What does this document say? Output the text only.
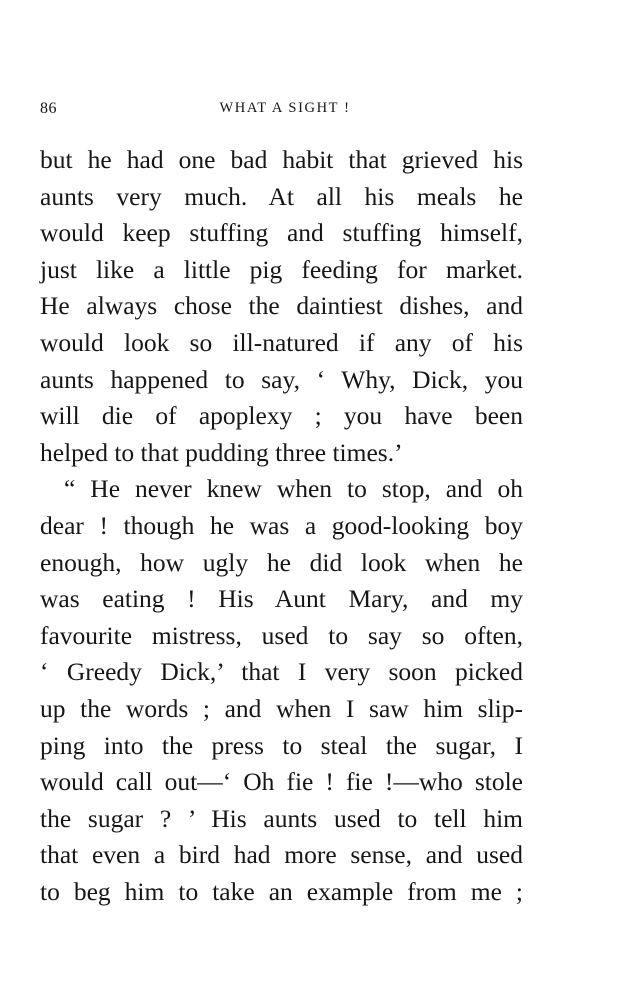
86	WHAT A SIGHT !
but he had one bad habit that grieved his
aunts very much. At all his meals he
would keep stuffing and stuffing himself,
just like a little pig feeding for market.
He always chose the daintiest dishes, and
would look so ill-natured if any of his
aunts happened to say, ‘ Why, Dick, you
will die of apoplexy ; you have been
helped to that pudding three times.’
“ He never knew when to stop, and oh
dear ! though he was a good-looking boy
enough, how ugly he did look when he
was eating ! His Aunt Mary, and my
favourite mistress, used to say so often,
‘ Greedy Dick,’ that I very soon picked
up the words ; and when I saw him slip-
ping into the press to steal the sugar, I
would call out—‘ Oh fie ! fie !—who stole
the sugar ? ’ His aunts used to tell him
that even a bird had more sense, and used
to beg him to take an example from me ;
